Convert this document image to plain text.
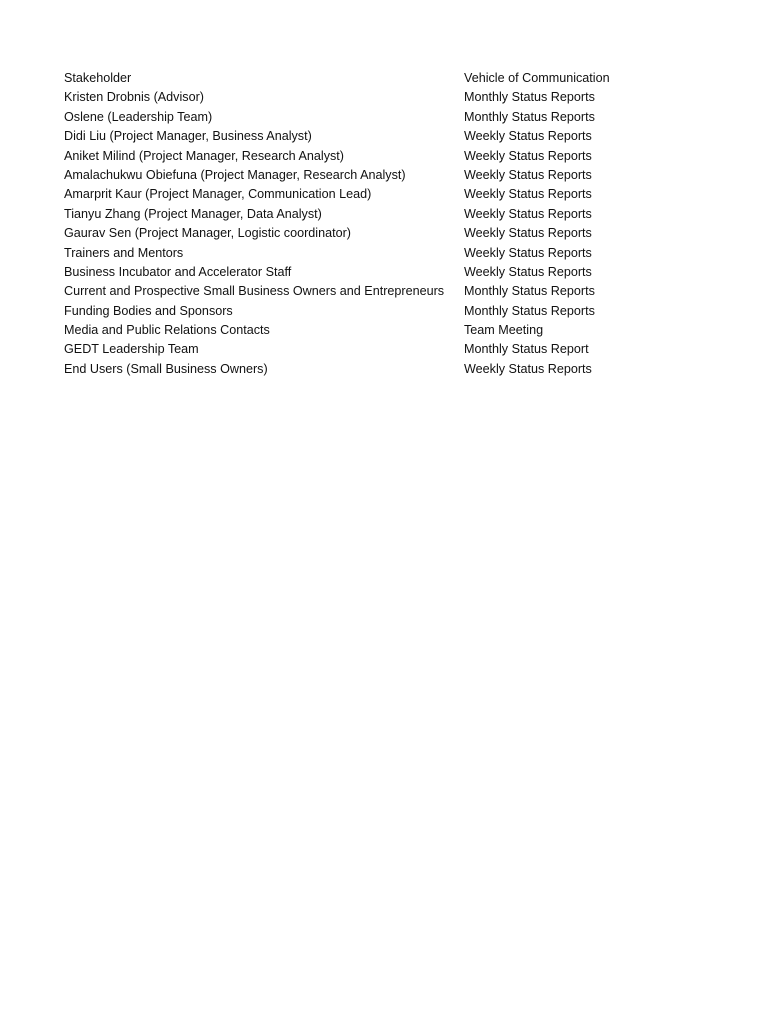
Stakeholder	Vehicle of Communication
Kristen Drobnis (Advisor)	Monthly Status Reports
Oslene (Leadership Team)	Monthly Status Reports
Didi Liu (Project Manager, Business Analyst)	Weekly Status Reports
Aniket Milind (Project Manager, Research Analyst)	Weekly Status Reports
Amalachukwu Obiefuna (Project Manager, Research Analyst)	Weekly Status Reports
Amarprit Kaur (Project Manager, Communication Lead)	Weekly Status Reports
Tianyu Zhang (Project Manager, Data Analyst)	Weekly Status Reports
Gaurav Sen (Project Manager, Logistic coordinator)	Weekly Status Reports
Trainers and Mentors	Weekly Status Reports
Business Incubator and Accelerator Staff	Weekly Status Reports
Current and Prospective Small Business Owners and Entrepreneurs	Monthly Status Reports
Funding Bodies and Sponsors	Monthly Status Reports
Media and Public Relations Contacts	Team Meeting
GEDT Leadership Team	Monthly Status Report
End Users (Small Business Owners)	Weekly Status Reports
